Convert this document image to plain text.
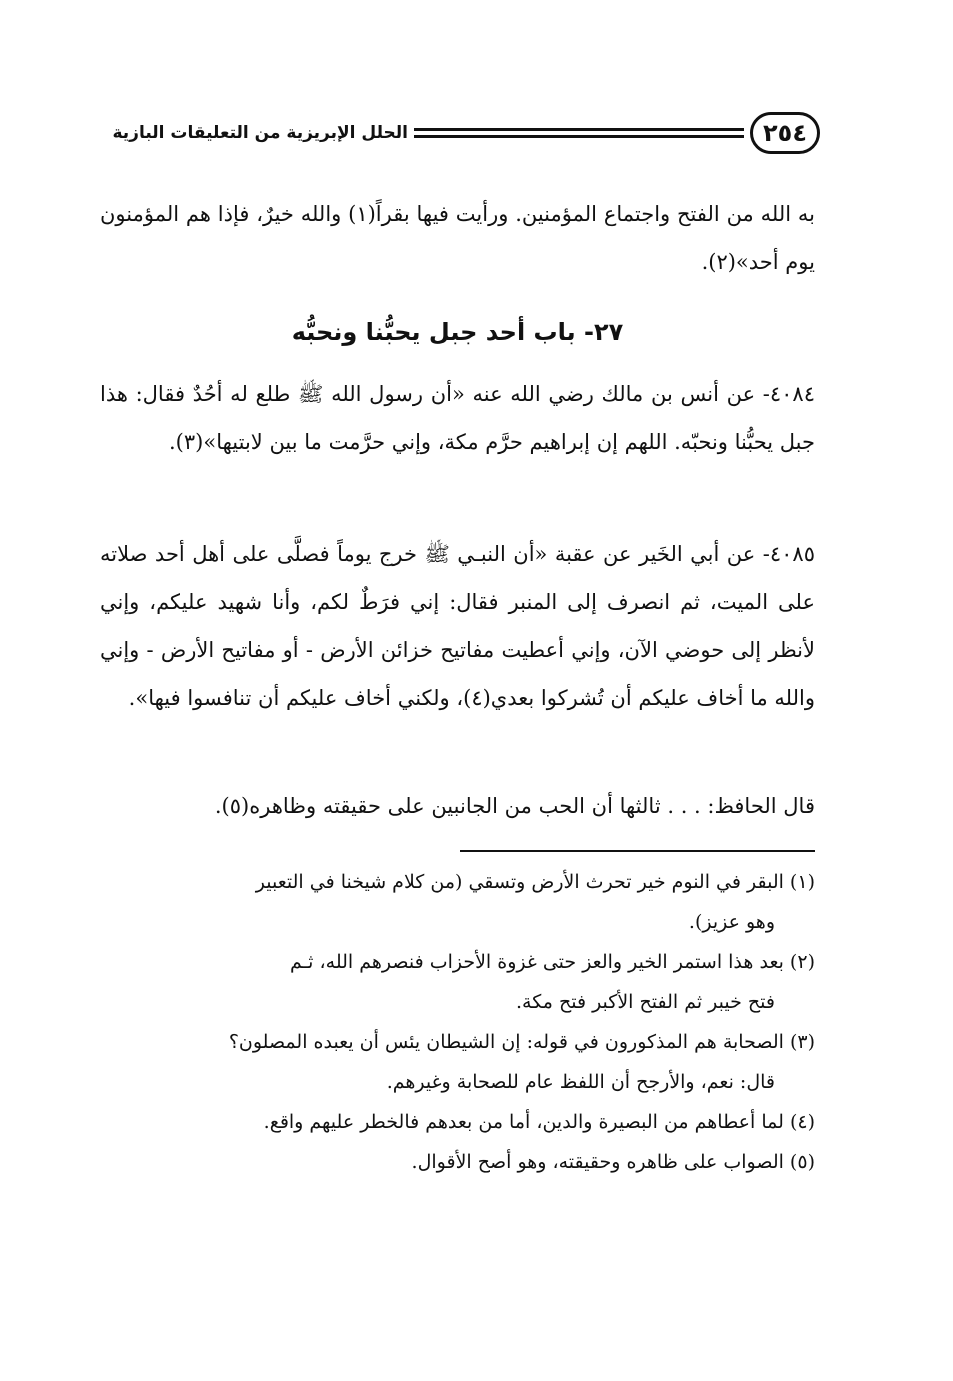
٢٥٤
الحلل الإبريزية من التعليقات البازية
به الله من الفتح واجتماع المؤمنين. ورأيت فيها بقراً(١) والله خيرٌ، فإذا هم المؤمنون يوم أحد»(٢).
٢٧- باب أحد جبل يحبُّنا ونحبُّه
٤٠٨٤- عن أنس بن مالك رضي الله عنه «أن رسول الله ﷺ طلع له أحُدٌ فقال: هذا جبل يحبُّنا ونحبّه. اللهم إن إبراهيم حرَّم مكة، وإني حرَّمت ما بين لابتيها»(٣).
٤٠٨٥- عن أبي الخَير عن عقبة «أن النبـي ﷺ خرج يوماً فصلَّى على أهل أحد صلاته على الميت، ثم انصرف إلى المنبر فقال: إني فرَطٌ لكم، وأنا شهيد عليكم، وإني لأنظر إلى حوضي الآن، وإني أعطيت مفاتيح خزائن الأرض - أو مفاتيح الأرض - وإني والله ما أخاف عليكم أن تُشركوا بعدي(٤)، ولكني أخاف عليكم أن تنافسوا فيها».
قال الحافظ: . . . ثالثها أن الحب من الجانبين على حقيقته وظاهره(٥).
(١) البقر في النوم خير تحرث الأرض وتسقي (من كلام شيخنا في التعبير
وهو عزيز).
(٢) بعد هذا استمر الخير والعز حتى غزوة الأحزاب فنصرهم الله، ثـم
فتح خيبر ثم الفتح الأكبر فتح مكة.
(٣) الصحابة هم المذكورون في قوله: إن الشيطان يئس أن يعبده المصلون؟
قال: نعم، والأرجح أن اللفظ عام للصحابة وغيرهم.
(٤) لما أعطاهم من البصيرة والدين، أما من بعدهم فالخطر عليهم واقع.
(٥) الصواب على ظاهره وحقيقته، وهو أصح الأقوال.
